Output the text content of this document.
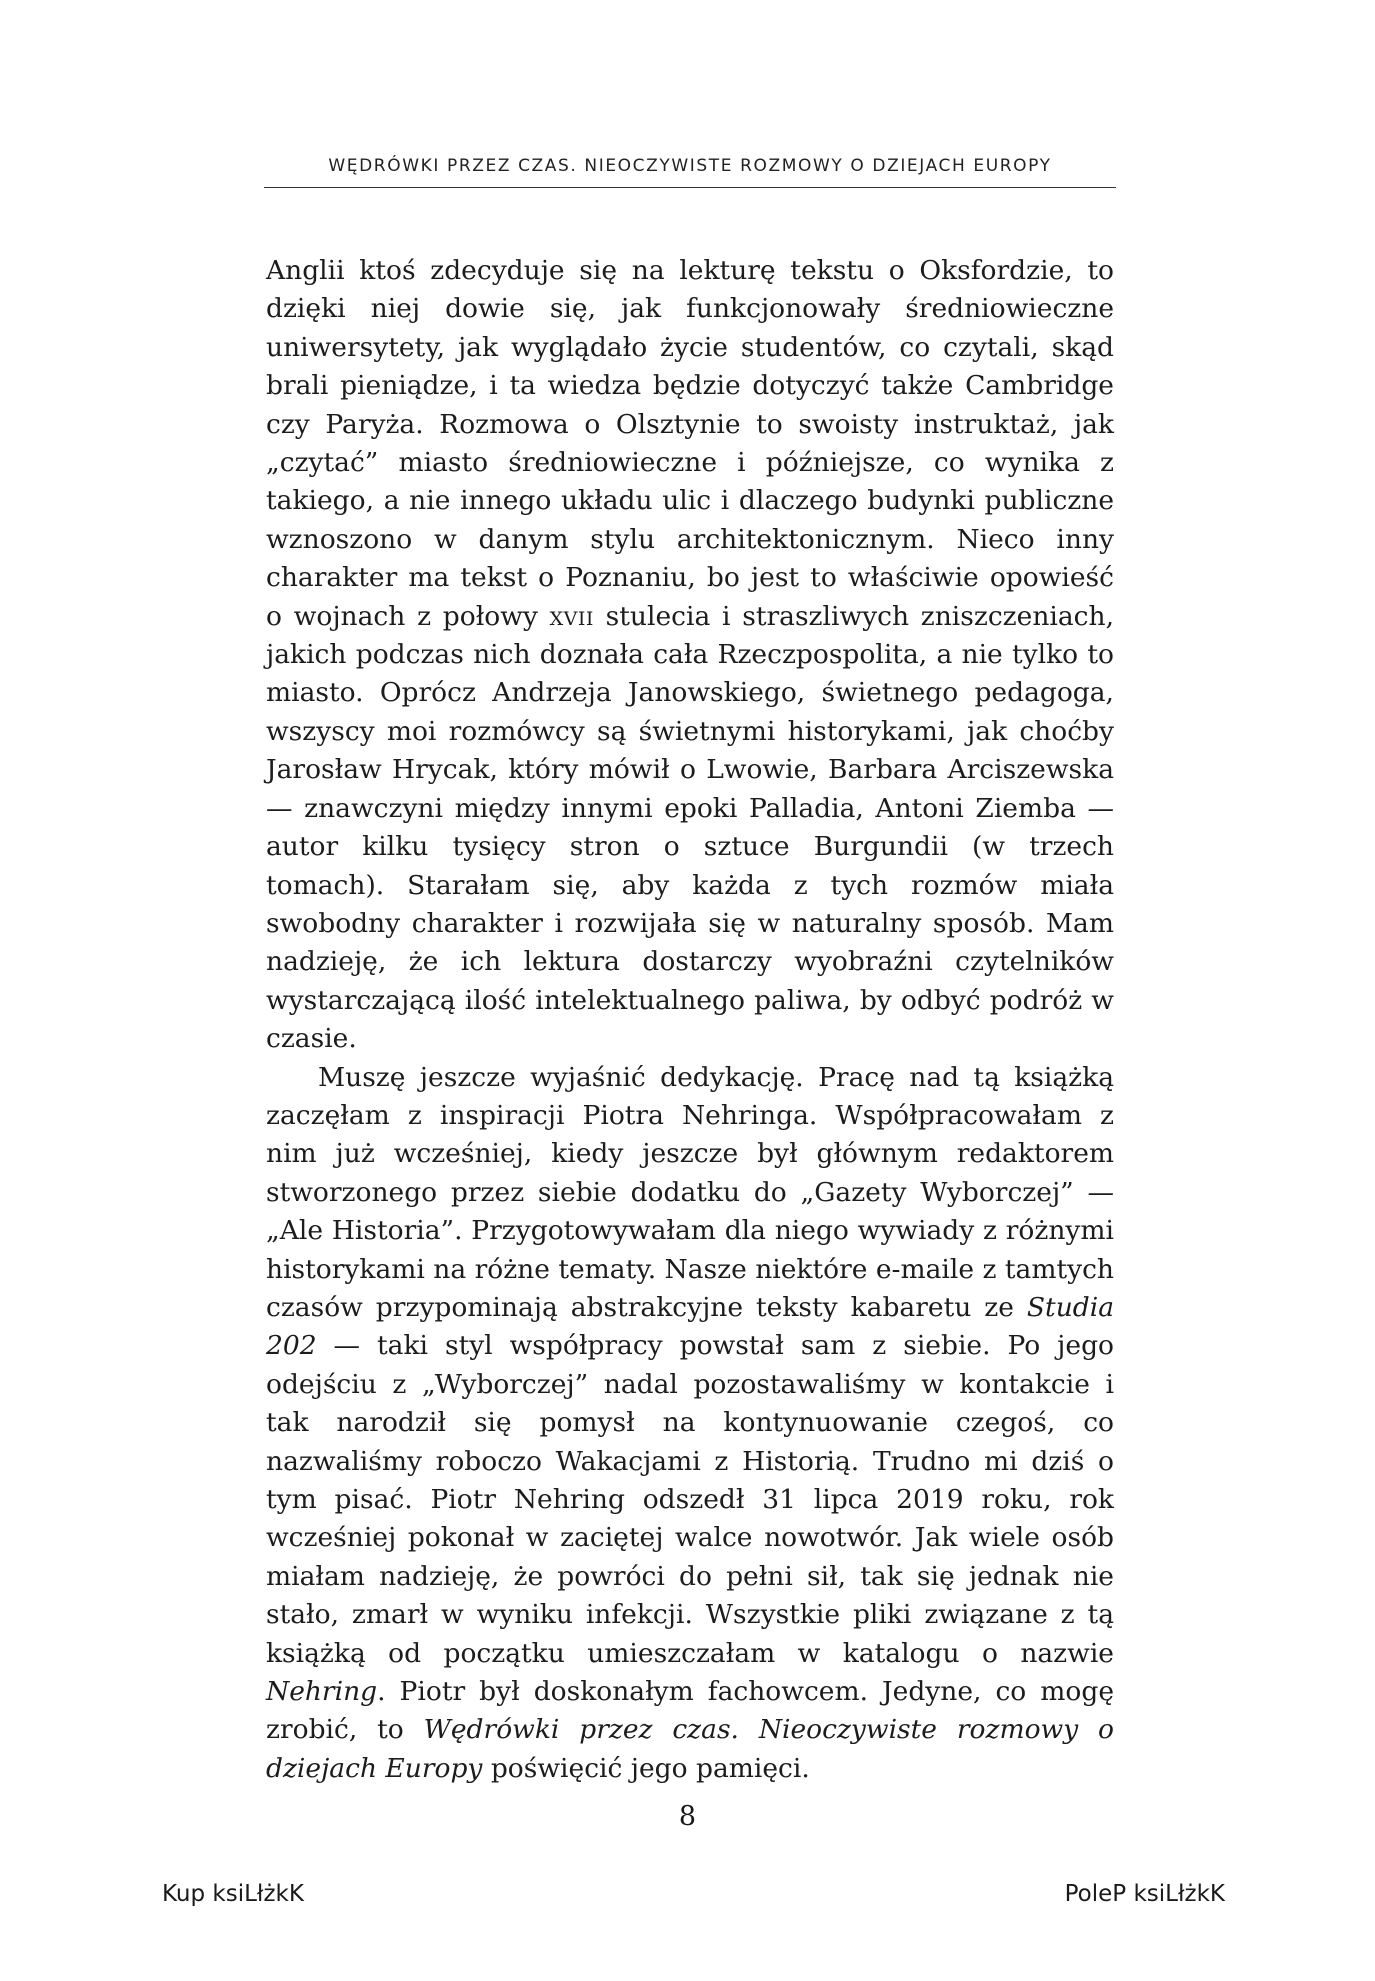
WĘDRÓWKI PRZEZ CZAS. NIEOCZYWISTE ROZMOWY O DZIEJACH EUROPY

Anglii ktoś zdecyduje się na lekturę tekstu o Oksfordzie, to dzięki niej dowie się, jak funkcjonowały średniowieczne uniwersytety, jak wyglądało życie studentów, co czytali, skąd brali pieniądze, i ta wiedza będzie dotyczyć także Cambridge czy Paryża. Rozmowa o Olsztynie to swoisty instruktaż, jak „czytać” miasto średniowieczne i późniejsze, co wynika z takiego, a nie innego układu ulic i dlaczego budynki publiczne wznoszono w danym stylu architektonicznym. Nieco inny charakter ma tekst o Poznaniu, bo jest to właściwie opowieść o wojnach z połowy xvii stulecia i straszliwych zniszczeniach, jakich podczas nich doznała cała Rzeczpospolita, a nie tylko to miasto. Oprócz Andrzeja Janowskiego, świetnego pedagoga, wszyscy moi rozmówcy są świetnymi historykami, jak choćby Jarosław Hrycak, który mówił o Lwowie, Barbara Arciszewska — znawczyni między innymi epoki Palladia, Antoni Ziemba — autor kilku tysięcy stron o sztuce Burgundii (w trzech tomach). Starałam się, aby każda z tych rozmów miała swobodny charakter i rozwijała się w naturalny sposób. Mam nadzieję, że ich lektura dostarczy wyobraźni czytelników wystarczającą ilość intelektualnego paliwa, by odbyć podróż w czasie.

Muszę jeszcze wyjaśnić dedykację. Pracę nad tą książką zaczęłam z inspiracji Piotra Nehringa. Współpracowałam z nim już wcześniej, kiedy jeszcze był głównym redaktorem stworzonego przez siebie dodatku do „Gazety Wyborczej” — „Ale Historia”. Przygotowywałam dla niego wywiady z różnymi historykami na różne tematy. Nasze niektóre e-maile z tamtych czasów przypominają abstrakcyjne teksty kabaretu ze Studia 202 — taki styl współpracy powstał sam z siebie. Po jego odejściu z „Wyborczej” nadal pozostawaliśmy w kontakcie i tak narodził się pomysł na kontynuowanie czegoś, co nazwaliśmy roboczo Wakacjami z Historią. Trudno mi dziś o tym pisać. Piotr Nehring odszedł 31 lipca 2019 roku, rok wcześniej pokonał w zaciętej walce nowotwór. Jak wiele osób miałam nadzieję, że powróci do pełni sił, tak się jednak nie stało, zmarł w wyniku infekcji. Wszystkie pliki związane z tą książką od początku umieszczałam w katalogu o nazwie Nehring. Piotr był doskonałym fachowcem. Jedyne, co mogę zrobić, to Wędrówki przez czas. Nieoczywiste rozmowy o dziejach Europy poświęcić jego pamięci.

8
Kup ksiLłżkK	PoleP ksiLłżkK
